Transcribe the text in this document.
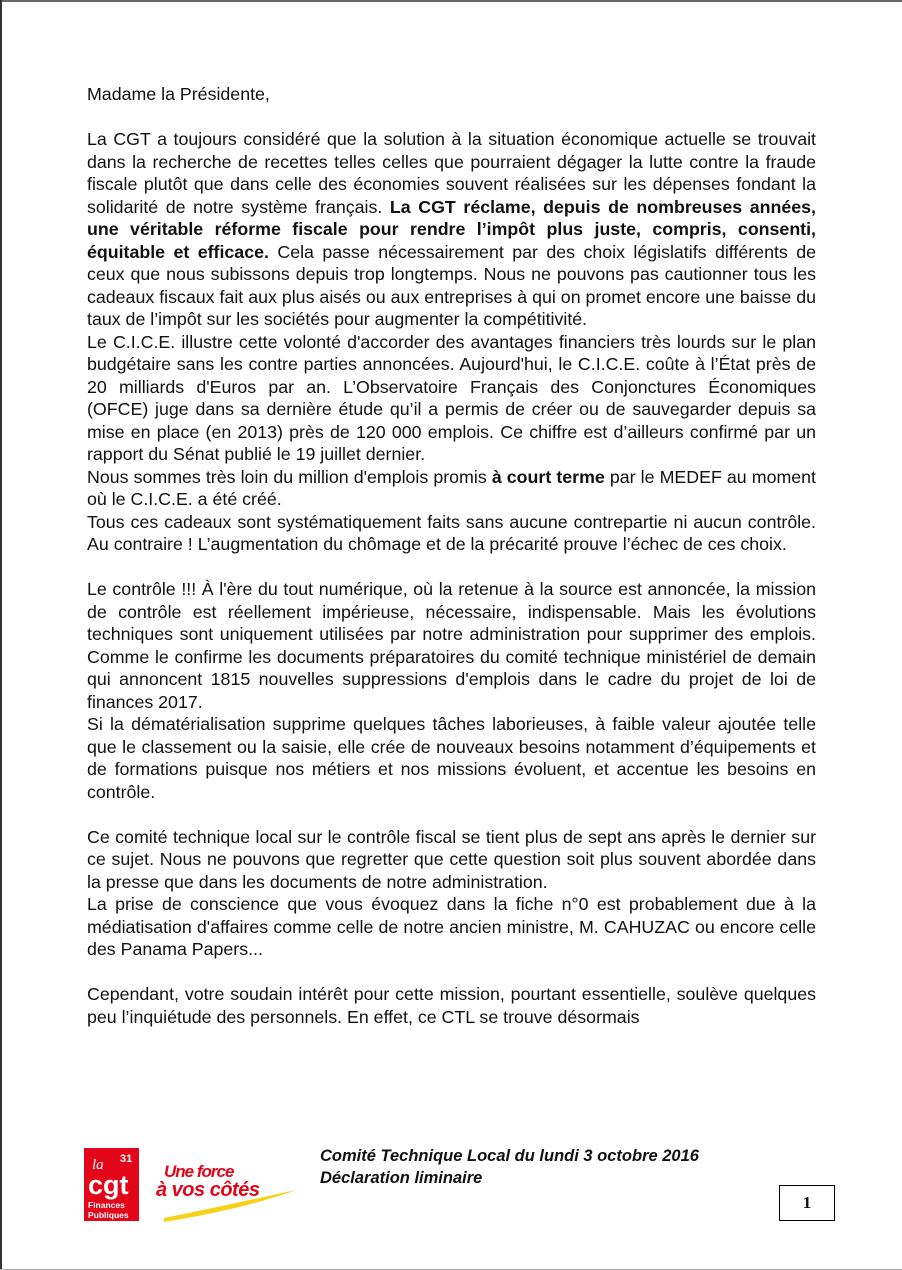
Madame la Présidente,

La CGT a toujours considéré que la solution à la situation économique actuelle se trouvait dans la recherche de recettes telles celles que pourraient dégager la lutte contre la fraude fiscale plutôt que dans celle des économies souvent réalisées sur les dépenses fondant la solidarité de notre système français. La CGT réclame, depuis de nombreuses années, une véritable réforme fiscale pour rendre l’impôt plus juste, compris, consenti, équitable et efficace. Cela passe nécessairement par des choix législatifs différents de ceux que nous subissons depuis trop longtemps. Nous ne pouvons pas cautionner tous les cadeaux fiscaux fait aux plus aisés ou aux entreprises à qui on promet encore une baisse du taux de l’impôt sur les sociétés pour augmenter la compétitivité.

Le C.I.C.E. illustre cette volonté d'accorder des avantages financiers très lourds sur le plan budgétaire sans les contre parties annoncées. Aujourd'hui, le C.I.C.E. coûte à l’État près de 20 milliards d'Euros par an. L’Observatoire Français des Conjonctures Économiques (OFCE) juge dans sa dernière étude qu’il a permis de créer ou de sauvegarder depuis sa mise en place (en 2013) près de 120 000 emplois. Ce chiffre est d’ailleurs confirmé par un rapport du Sénat publié le 19 juillet dernier.

Nous sommes très loin du million d'emplois promis à court terme par le MEDEF au moment où le C.I.C.E. a été créé.

Tous ces cadeaux sont systématiquement faits sans aucune contrepartie ni aucun contrôle. Au contraire ! L’augmentation du chômage et de la précarité prouve l’échec de ces choix.

Le contrôle !!! À l'ère du tout numérique, où la retenue à la source est annoncée, la mission de contrôle est réellement impérieuse, nécessaire, indispensable. Mais les évolutions techniques sont uniquement utilisées par notre administration pour supprimer des emplois. Comme le confirme les documents préparatoires du comité technique ministériel de demain qui annoncent 1815 nouvelles suppressions d'emplois dans le cadre du projet de loi de finances 2017.

Si la dématérialisation supprime quelques tâches laborieuses, à faible valeur ajoutée telle que le classement ou la saisie, elle crée de nouveaux besoins notamment d’équipements et de formations puisque nos métiers et nos missions évoluent, et accentue les besoins en contrôle.

Ce comité technique local sur le contrôle fiscal se tient plus de sept ans après le dernier sur ce sujet. Nous ne pouvons que regretter que cette question soit plus souvent abordée dans la presse que dans les documents de notre administration.

La prise de conscience que vous évoquez dans la fiche n°0 est probablement due à la médiatisation d'affaires comme celle de notre ancien ministre, M. CAHUZAC ou encore celle des Panama Papers...

Cependant, votre soudain intérêt pour cette mission, pourtant essentielle, soulève quelques peu l’inquiétude des personnels. En effet, ce CTL se trouve désormais

31
la
cgt
Finances
Publiques
Une force
à vos côtés
Comité Technique Local du lundi 3 octobre 2016
Déclaration liminaire
1
